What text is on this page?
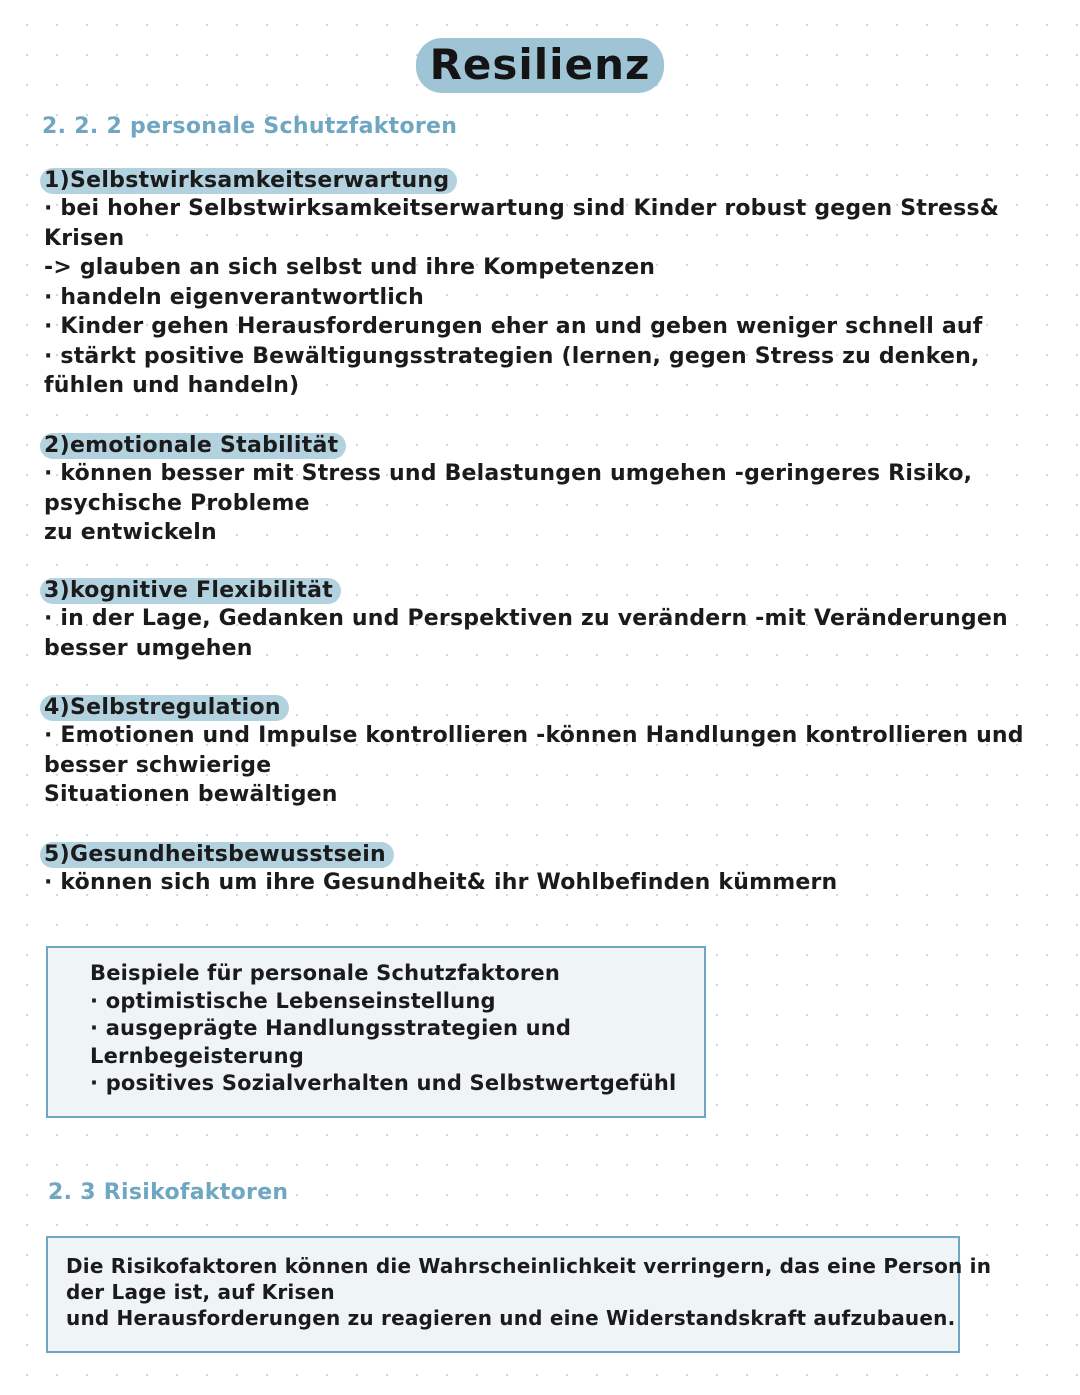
Resilienz
2. 2. 2 personale Schutzfaktoren
1)Selbstwirksamkeitserwartung
· bei hoher Selbstwirksamkeitserwartung sind Kinder robust gegen Stress&
Krisen
-> glauben an sich selbst und ihre Kompetenzen
· handeln eigenverantwortlich
· Kinder gehen Herausforderungen eher an und geben weniger schnell auf
· stärkt positive Bewältigungsstrategien (lernen, gegen Stress zu denken,
fühlen und handeln)
2)emotionale Stabilität
· können besser mit Stress und Belastungen umgehen -geringeres Risiko,
psychische Probleme
zu entwickeln
3)kognitive Flexibilität
· in der Lage, Gedanken und Perspektiven zu verändern -mit Veränderungen
besser umgehen
4)Selbstregulation
· Emotionen und Impulse kontrollieren -können Handlungen kontrollieren und
besser schwierige
Situationen bewältigen
5)Gesundheitsbewusstsein
· können sich um ihre Gesundheit& ihr Wohlbefinden kümmern
Beispiele für personale Schutzfaktoren
· optimistische Lebenseinstellung
· ausgeprägte Handlungsstrategien und
Lernbegeisterung
· positives Sozialverhalten und Selbstwertgefühl
2. 3 Risikofaktoren
Die Risikofaktoren können die Wahrscheinlichkeit verringern, das eine Person in
der Lage ist, auf Krisen
und Herausforderungen zu reagieren und eine Widerstandskraft aufzubauen.
